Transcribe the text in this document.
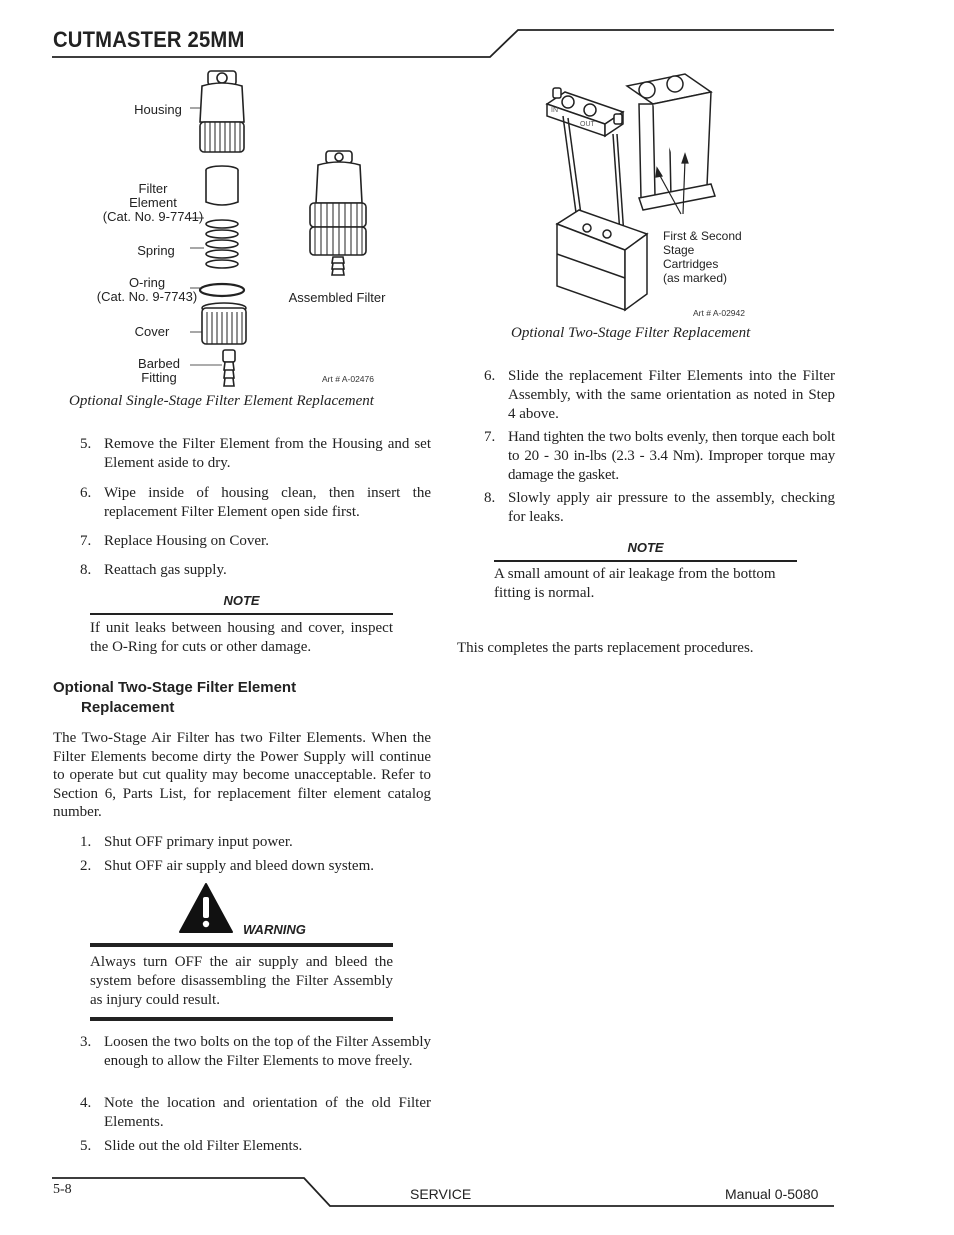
CUTMASTER 25MM
Housing
Filter
Element
(Cat. No. 9-7741)
Spring
O-ring
(Cat. No. 9-7743)
Cover
Barbed
Fitting
Assembled Filter
Art # A-02476
Optional Single-Stage Filter Element Replacement
IN
OUT
First & Second
Stage
Cartridges
(as marked)
Art # A-02942
Optional Two-Stage Filter Replacement
5. Remove the Filter Element from the Housing and set Element aside to dry.
6. Wipe inside of housing clean, then insert the replacement Filter Element open side first.
7. Replace Housing on Cover.
8. Reattach gas supply.
NOTE
If unit leaks between housing and cover, inspect the O-Ring for cuts or other damage.
Optional Two-Stage Filter Element
Replacement
The Two-Stage Air Filter has two Filter Elements. When the Filter Elements become dirty the Power Supply will continue to operate but cut quality may become unacceptable. Refer to Section 6, Parts List, for replacement filter element catalog number.
1. Shut OFF primary input power.
2. Shut OFF air supply and bleed down system.
WARNING
Always turn OFF the air supply and bleed the system before disassembling the Filter Assembly as injury could result.
3. Loosen the two bolts on the top of the Filter Assembly enough to allow the Filter Elements to move freely.
4. Note the location and orientation of the old Filter Elements.
5. Slide out the old Filter Elements.
6. Slide the replacement Filter Elements into the Filter Assembly, with the same orientation as noted in Step 4 above.
7. Hand tighten the two bolts evenly, then torque each bolt to 20 - 30 in-lbs (2.3 - 3.4 Nm). Improper torque may damage the gasket.
8. Slowly apply air pressure to the assembly, checking for leaks.
NOTE
A small amount of air leakage from the bottom fitting is normal.
This completes the parts replacement procedures.
5-8	SERVICE	Manual 0-5080
